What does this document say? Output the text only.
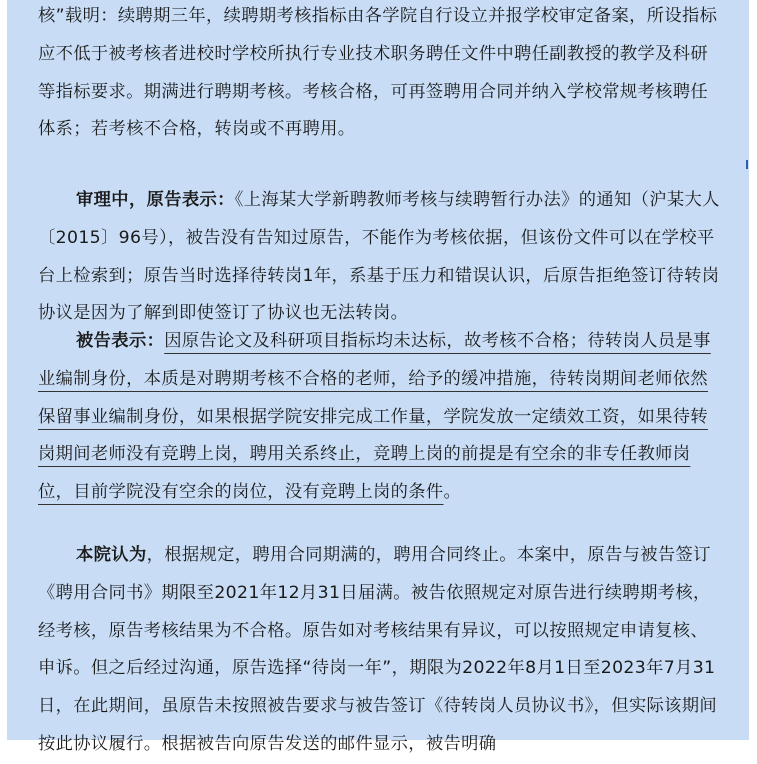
核”载明：续聘期三年，续聘期考核指标由各学院自行设立并报学校审定备案，所设指标应不低于被考核者进校时学校所执行专业技术职务聘任文件中聘任副教授的教学及科研等指标要求。期满进行聘期考核。考核合格，可再签聘用合同并纳入学校常规考核聘任体系；若考核不合格，转岗或不再聘用。

审理中，原告表示：《上海某大学新聘教师考核与续聘暂行办法》的通知（沪某大人〔2015〕96号），被告没有告知过原告，不能作为考核依据，但该份文件可以在学校平台上检索到；原告当时选择待转岗1年，系基于压力和错误认识，后原告拒绝签订待转岗协议是因为了解到即使签订了协议也无法转岗。

被告表示：因原告论文及科研项目指标均未达标，故考核不合格；待转岗人员是事业编制身份，本质是对聘期考核不合格的老师，给予的缓冲措施，待转岗期间老师依然保留事业编制身份，如果根据学院安排完成工作量，学院发放一定绩效工资，如果待转岗期间老师没有竞聘上岗，聘用关系终止，竞聘上岗的前提是有空余的非专任教师岗位，目前学院没有空余的岗位，没有竞聘上岗的条件。

本院认为，根据规定，聘用合同期满的，聘用合同终止。本案中，原告与被告签订《聘用合同书》期限至2021年12月31日届满。被告依照规定对原告进行续聘期考核，经考核，原告考核结果为不合格。原告如对考核结果有异议，可以按照规定申请复核、申诉。但之后经过沟通，原告选择“待岗一年”，期限为2022年8月1日至2023年7月31日，在此期间，虽原告未按照被告要求与被告签订《待转岗人员协议书》，但实际该期间按此协议履行。根据被告向原告发送的邮件显示，被告明确
